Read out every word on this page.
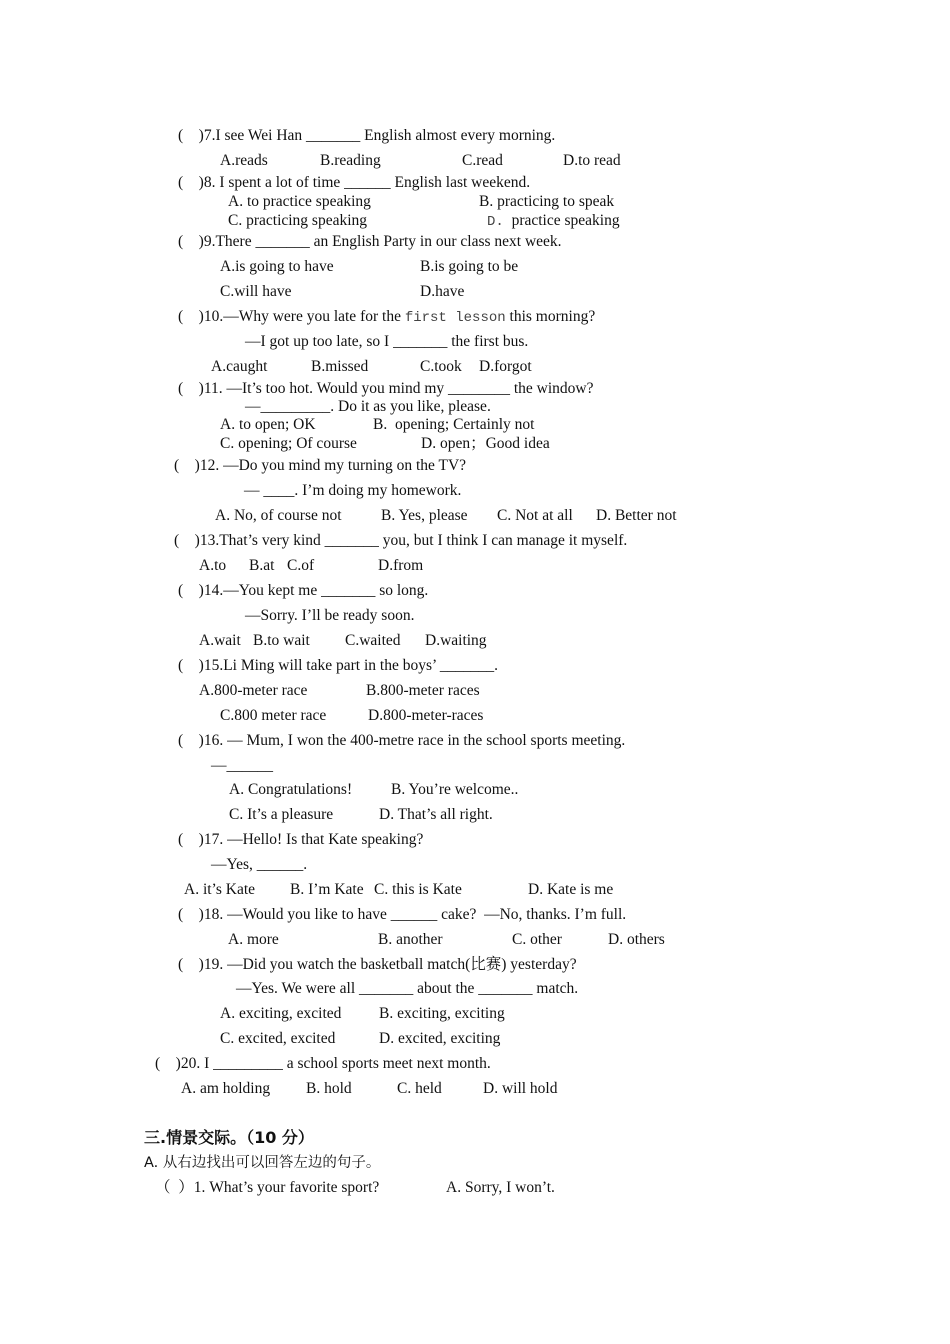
(    )7.I see Wei Han _______ English almost every morning.
A.reads	B.reading	C.read	D.to read
(    )8. I spent a lot of time ______ English last weekend.
A. to practice speaking	B. practicing to speak
C. practicing speaking	D. practice speaking
(    )9.There _______ an English Party in our class next week.
A.is going to have	B.is going to be
C.will have	D.have
(    )10.—Why were you late for the first lesson this morning?
—I got up too late, so I _______ the first bus.
A.caught	B.missed	C.took D.forgot
(    )11. —It’s too hot. Would you mind my ________ the window?
—_________. Do it as you like, please.
A. to open; OK	B.  opening; Certainly not
C. opening; Of course	D. open；Good idea
(    )12. —Do you mind my turning on the TV?
— ____. I’m doing my homework.
A. No, of course not	B. Yes, please C. Not at all D. Better not
(    )13.That’s very kind _______ you, but I think I can manage it myself.
A.to B.at C.of	D.from
(    )14.—You kept me _______ so long.
—Sorry. I’ll be ready soon.
A.wait B.to wait C.waited D.waiting
(    )15.Li Ming will take part in the boys’ _______.
A.800-meter race	B.800-meter races
C.800 meter race	D.800-meter-races
(    )16. — Mum, I won the 400-metre race in the school sports meeting.
—______
A. Congratulations!	B. You’re welcome..
C. It’s a pleasure	D. That’s all right.
(    )17. —Hello! Is that Kate speaking?
—Yes, ______.
A. it’s Kate B. I’m Kate C. this is Kate	D. Kate is me
(    )18. —Would you like to have ______ cake?  —No, thanks. I’m full.
A. more	B. another	C. other	D. others
(    )19. —Did you watch the basketball match(比赛) yesterday?
—Yes. We were all _______ about the _______ match.
A. exciting, excited B. exciting, exciting
C. excited, excited	D. excited, exciting
(    )20. I _________ a school sports meet next month.
A. am holding B. hold	C. held	D. will hold
三.情景交际。（10 分）
A. 从右边找出可以回答左边的句子。
（  ）1. What’s your favorite sport?	A. Sorry, I won’t.
